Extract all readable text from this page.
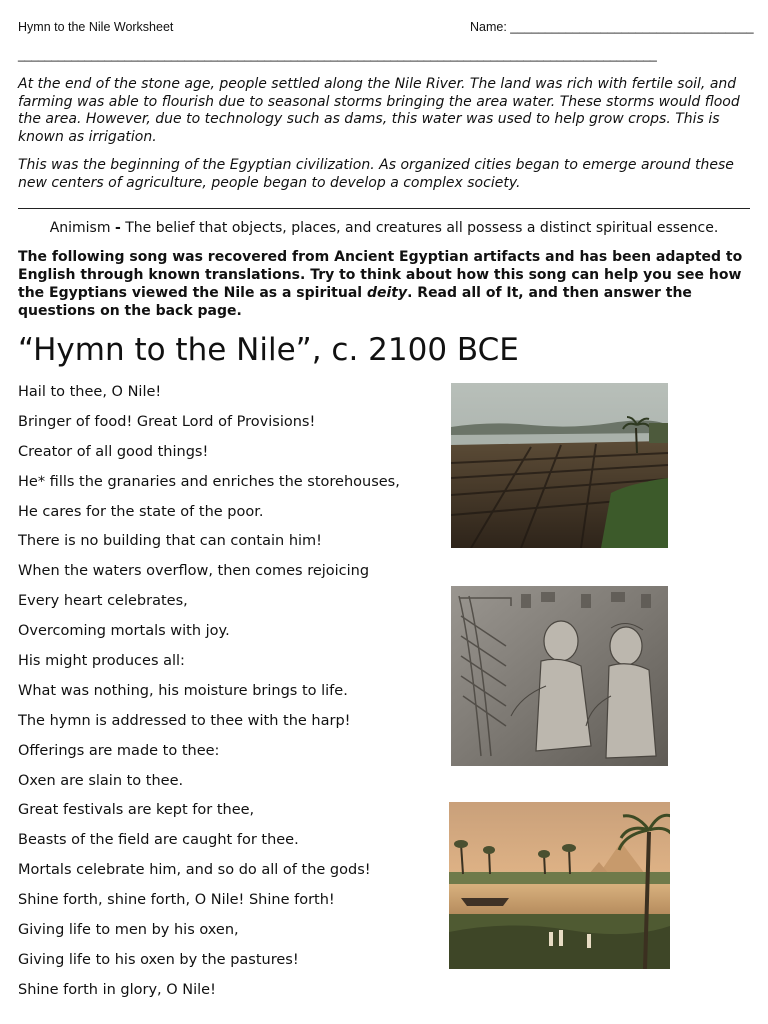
Hymn to the Nile Worksheet	Name: ___________________________________
________________________________________________________________________________________________

At the end of the stone age, people settled along the Nile River. The land was rich with fertile soil, and farming was able to flourish due to seasonal storms bringing the area water. These storms would flood the area. However, due to technology such as dams, this water was used to help grow crops. This is known as irrigation.

This was the beginning of the Egyptian civilization. As organized cities began to emerge around these new centers of agriculture, people began to develop a complex society.

Animism - The belief that objects, places, and creatures all possess a distinct spiritual essence.
The following song was recovered from Ancient Egyptian artifacts and has been adapted to English through known translations. Try to think about how this song can help you see how the Egyptians viewed the Nile as a spiritual deity. Read all of It, and then answer the questions on the back page.
“Hymn to the Nile”, c. 2100 BCE
Hail to thee, O Nile!
Bringer of food! Great Lord of Provisions!
Creator of all good things!
He* fills the granaries and enriches the storehouses,
He cares for the state of the poor.
There is no building that can contain him!
When the waters overflow, then comes rejoicing
Every heart celebrates,
Overcoming mortals with joy.
His might produces all:
What was nothing, his moisture brings to life.
The hymn is addressed to thee with the harp!
Offerings are made to thee:
Oxen are slain to thee.
Great festivals are kept for thee,
Beasts of the field are caught for thee.
Mortals celebrate him, and so do all of the gods!
Shine forth, shine forth, O Nile! Shine forth!
Giving life to men by his oxen,
Giving life to his oxen by the pastures!
Shine forth in glory, O Nile!
